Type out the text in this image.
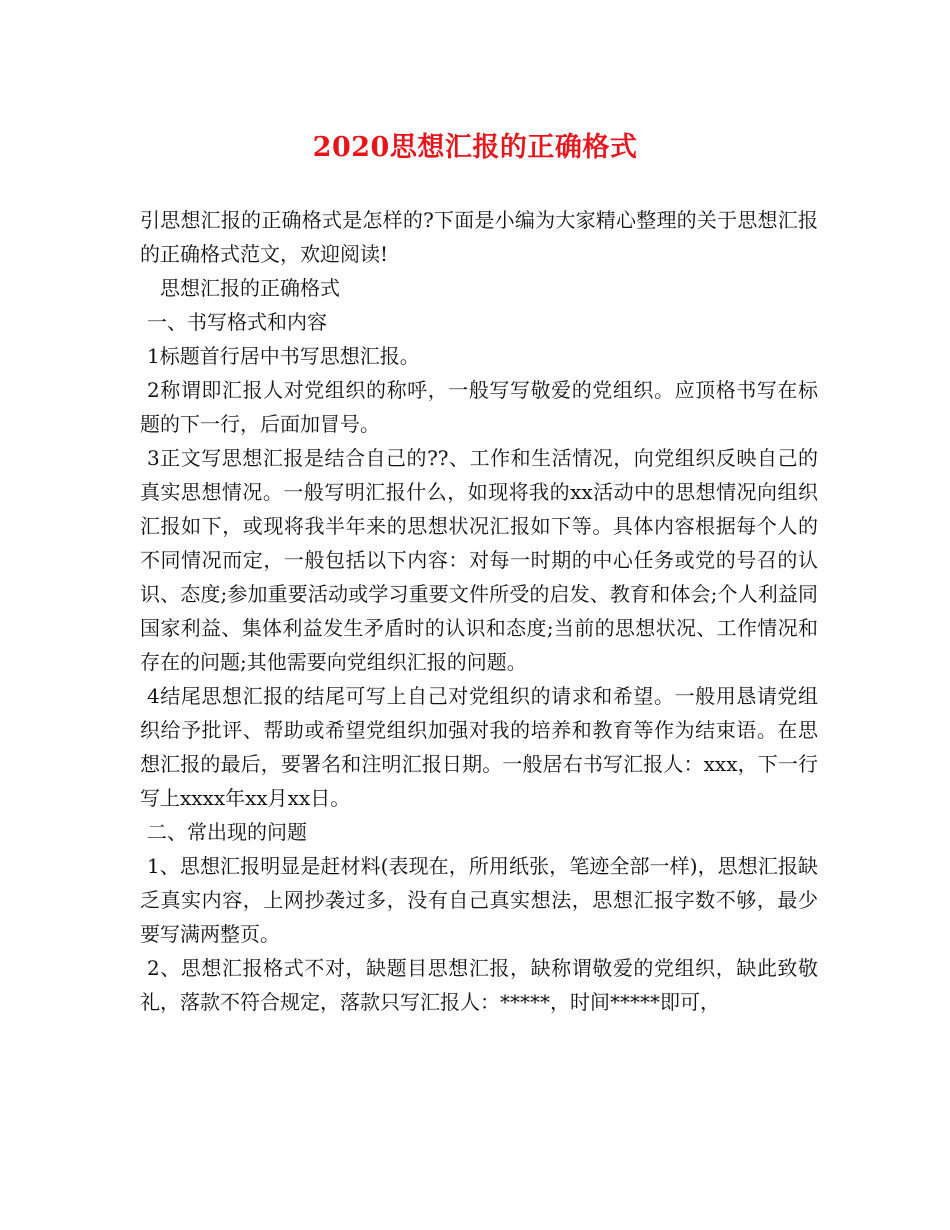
2020思想汇报的正确格式

引思想汇报的正确格式是怎样的?下面是小编为大家精心整理的关于思想汇报的正确格式范文，欢迎阅读!

思想汇报的正确格式

一、书写格式和内容

1标题首行居中书写思想汇报。

2称谓即汇报人对党组织的称呼，一般写写敬爱的党组织。应顶格书写在标题的下一行，后面加冒号。

3正文写思想汇报是结合自己的??、工作和生活情况，向党组织反映自己的真实思想情况。一般写明汇报什么，如现将我的xx活动中的思想情况向组织汇报如下，或现将我半年来的思想状况汇报如下等。具体内容根据每个人的不同情况而定，一般包括以下内容：对每一时期的中心任务或党的号召的认识、态度;参加重要活动或学习重要文件所受的启发、教育和体会;个人利益同国家利益、集体利益发生矛盾时的认识和态度;当前的思想状况、工作情况和存在的问题;其他需要向党组织汇报的问题。

4结尾思想汇报的结尾可写上自己对党组织的请求和希望。一般用恳请党组织给予批评、帮助或希望党组织加强对我的培养和教育等作为结束语。在思想汇报的最后，要署名和注明汇报日期。一般居右书写汇报人：xxx，下一行写上xxxx年xx月xx日。

二、常出现的问题

1、思想汇报明显是赶材料(表现在，所用纸张，笔迹全部一样)，思想汇报缺乏真实内容，上网抄袭过多，没有自己真实想法，思想汇报字数不够，最少要写满两整页。

2、思想汇报格式不对，缺题目思想汇报，缺称谓敬爱的党组织，缺此致敬礼，落款不符合规定，落款只写汇报人：*****，时间*****即可，
